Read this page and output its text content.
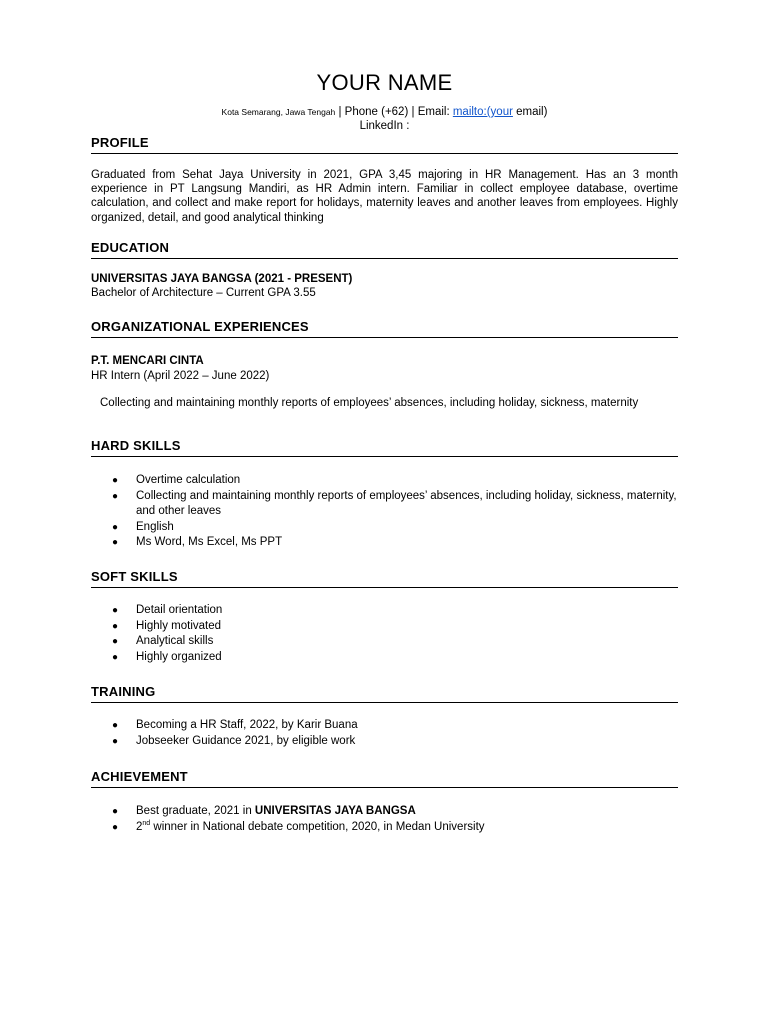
YOUR NAME
Kota Semarang, Jawa Tengah | Phone (+62) | Email: mailto:(your email)
LinkedIn :
PROFILE
Graduated from Sehat Jaya University in 2021, GPA 3,45 majoring in HR Management. Has an 3 month experience in PT Langsung Mandiri, as HR Admin intern. Familiar in collect employee database, overtime calculation, and collect and make report for holidays, maternity leaves and another leaves from employees. Highly organized, detail, and good analytical thinking
EDUCATION
UNIVERSITAS JAYA BANGSA (2021 - PRESENT)
Bachelor of Architecture – Current GPA 3.55
ORGANIZATIONAL EXPERIENCES
P.T. MENCARI CINTA
HR Intern (April 2022 – June 2022)
Collecting and maintaining monthly reports of employees’ absences, including holiday, sickness, maternity
HARD SKILLS
● Overtime calculation
● Collecting and maintaining monthly reports of employees’ absences, including holiday, sickness, maternity, and other leaves
● English
● Ms Word, Ms Excel, Ms PPT
SOFT SKILLS
● Detail orientation
● Highly motivated
● Analytical skills
● Highly organized
TRAINING
● Becoming a HR Staff, 2022, by Karir Buana
● Jobseeker Guidance 2021, by eligible work
ACHIEVEMENT
● Best graduate, 2021 in UNIVERSITAS JAYA BANGSA
● 2nd winner in National debate competition, 2020, in Medan University
